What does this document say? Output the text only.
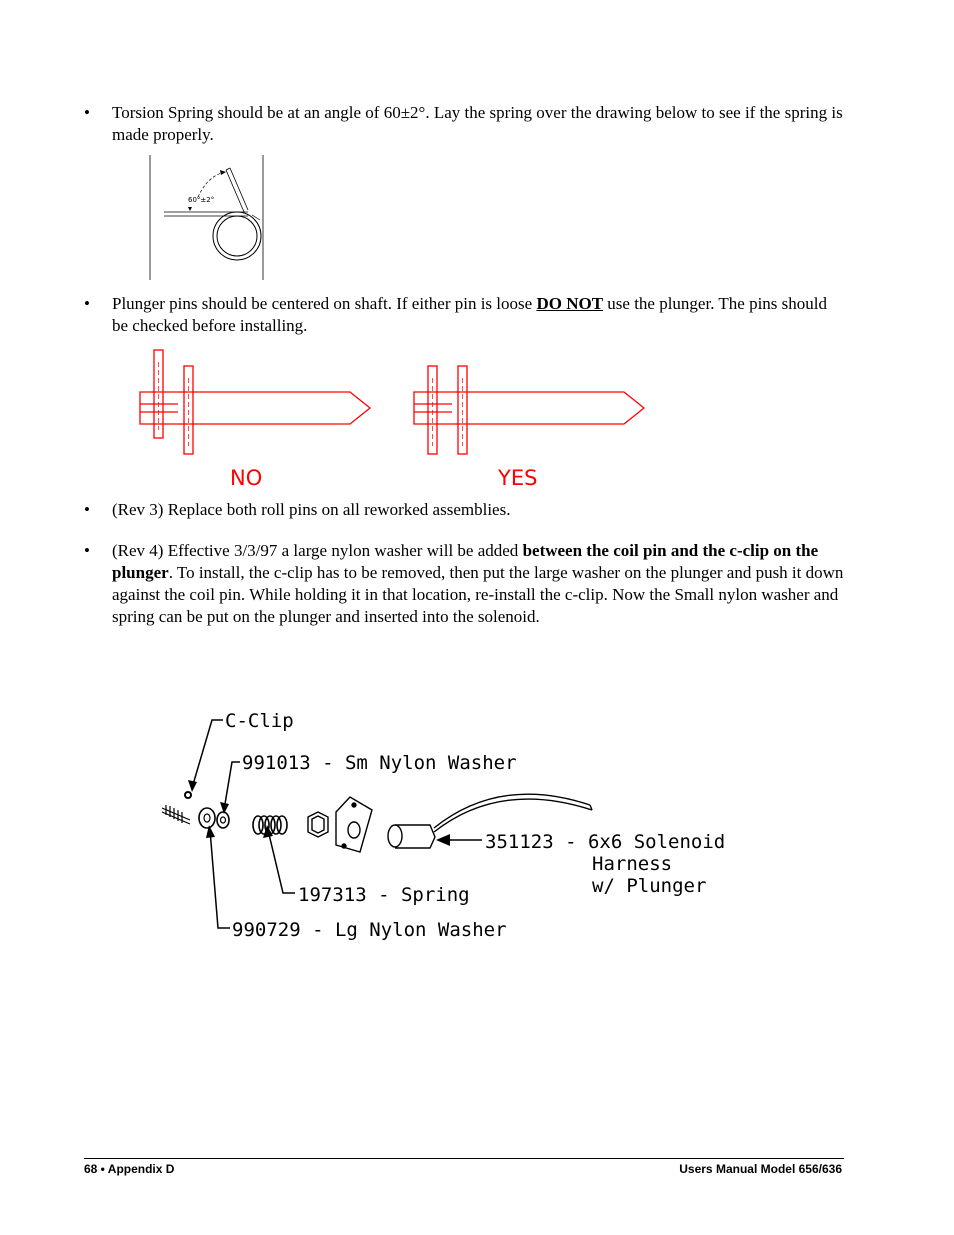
•	Torsion Spring should be at an angle of 60±2°. Lay the spring over the drawing below to see if the spring is made properly.
60°±2°
•	Plunger pins should be centered on shaft. If either pin is loose DO NOT use the plunger. The pins should be checked before installing.
NO	YES
•	(Rev 3) Replace both roll pins on all reworked assemblies.
•	(Rev 4) Effective 3/3/97 a large nylon washer will be added between the coil pin and the c-clip on the plunger. To install, the c-clip has to be removed, then put the large washer on the plunger and push it down against the coil pin. While holding it in that location, re-install the c-clip. Now the Small nylon washer and spring can be put on the plunger and inserted into the solenoid.
C-Clip
991013 - Sm Nylon Washer
351123 - 6x6 Solenoid
Harness
w/ Plunger
197313 - Spring
990729 - Lg Nylon Washer
68 • Appendix D	Users Manual Model 656/636
